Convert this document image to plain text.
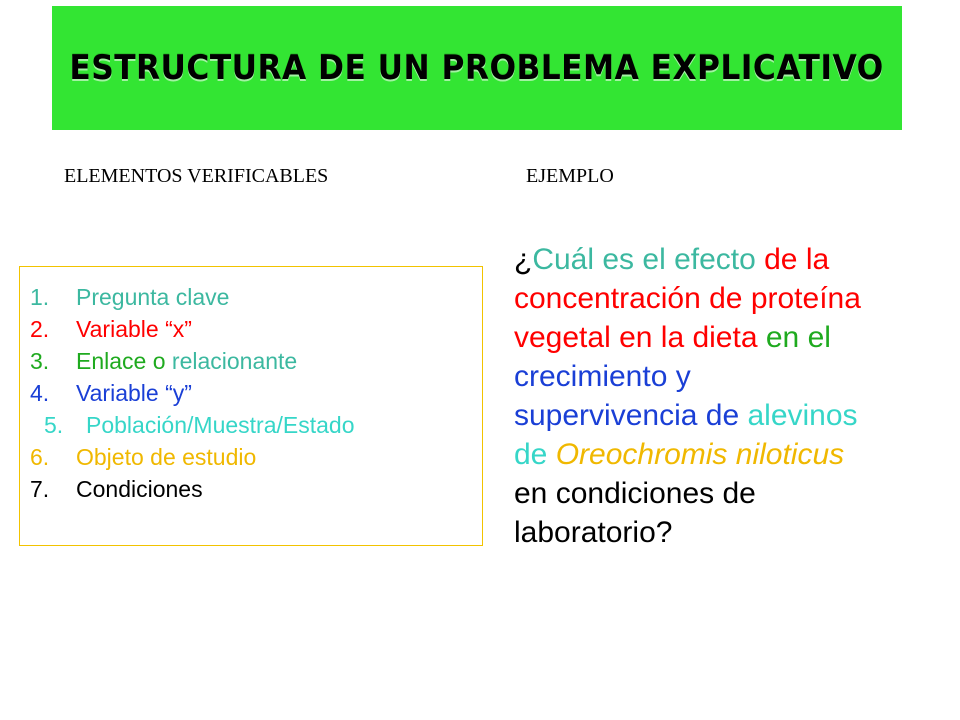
ESTRUCTURA DE UN PROBLEMA EXPLICATIVO
ELEMENTOS VERIFICABLES	EJEMPLO
1. Pregunta clave
2. Variable “x”
3. Enlace o relacionante
4. Variable “y”
5. Población/Muestra/Estado
6. Objeto de estudio
7. Condiciones
¿Cuál es el efecto de la
concentración de proteína
vegetal en la dieta en el
crecimiento y
supervivencia de alevinos
de Oreochromis niloticus
en condiciones de
laboratorio?
